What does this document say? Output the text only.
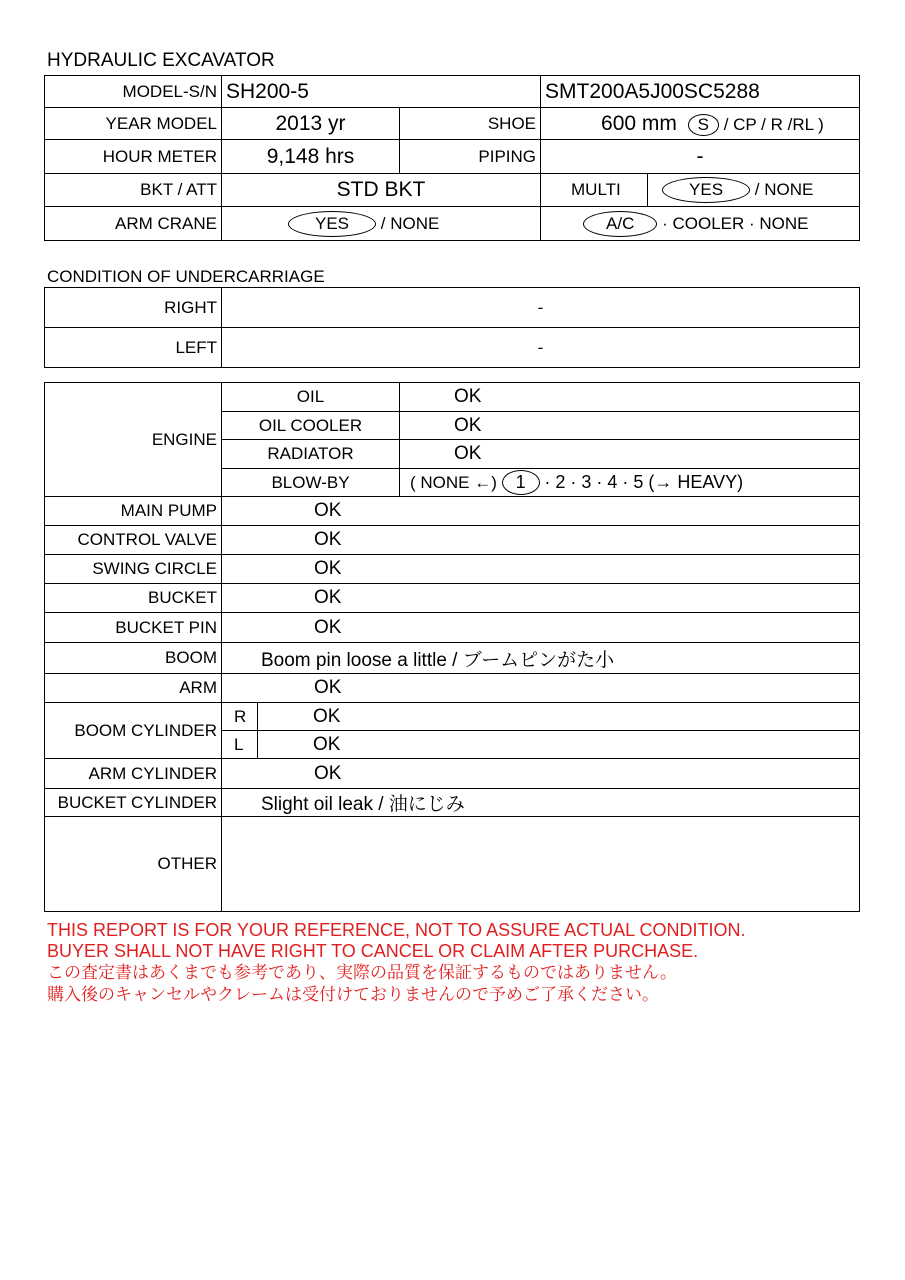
HYDRAULIC EXCAVATOR
MODEL-S/N	SH200-5		SMT200A5J00SC5288	
YEAR MODEL	2013 yr	SHOE	600 mm S / CP / R /RL )	
HOUR METER	9,148 hrs	PIPING	-	
BKT / ATT	STD BKT		MULTI	YES / NONE
ARM CRANE	YES / NONE		A/C · COOLER · NONE	
CONDITION OF UNDERCARRIAGE
RIGHT	-
LEFT	-
ENGINE	OIL		OK
	OIL COOLER		OK
	RADIATOR		OK
	BLOW-BY		( NONE ←) 1 · 2 · 3 · 4 · 5 (→ HEAVY)
MAIN PUMP	OK		
CONTROL VALVE	OK		
SWING CIRCLE	OK		
BUCKET	OK		
BUCKET PIN	OK		
BOOM	Boom pin loose a little / ブームピンがた小		
ARM	OK		
BOOM CYLINDER	R	OK	
	L	OK	
ARM CYLINDER	OK		
BUCKET CYLINDER	Slight oil leak / 油にじみ		
OTHER			
THIS REPORT IS FOR YOUR REFERENCE, NOT TO ASSURE ACTUAL CONDITION.
BUYER SHALL NOT HAVE RIGHT TO CANCEL OR CLAIM AFTER PURCHASE.
この査定書はあくまでも参考であり、実際の品質を保証するものではありません。
購入後のキャンセルやクレームは受付けておりませんので予めご了承ください。
